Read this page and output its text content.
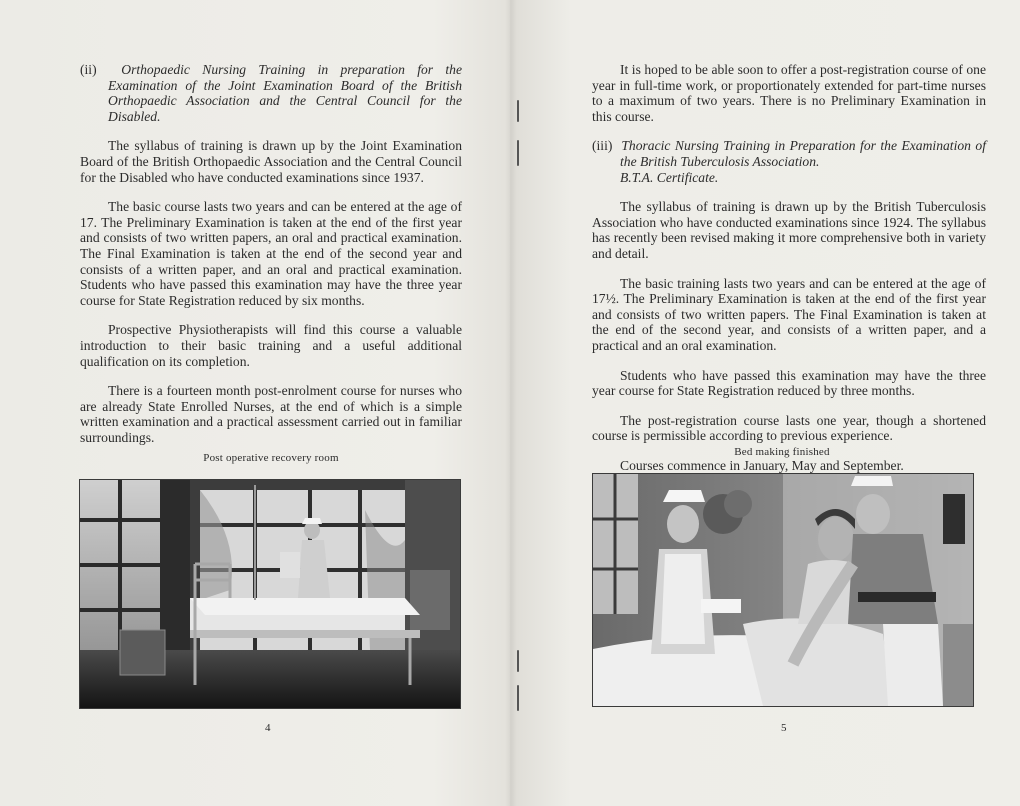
(ii) Orthopaedic Nursing Training in preparation for the Examination of the Joint Examination Board of the British Orthopaedic Association and the Central Council for the Disabled.

The syllabus of training is drawn up by the Joint Examination Board of the British Orthopaedic Association and the Central Council for the Disabled who have conducted examinations since 1937.

The basic course lasts two years and can be entered at the age of 17. The Preliminary Examination is taken at the end of the first year and consists of two written papers, an oral and practical examination. The Final Examination is taken at the end of the second year and consists of a written paper, and an oral and practical examination. Students who have passed this examination may have the three year course for State Registration reduced by six months.

Prospective Physiotherapists will find this course a valuable introduction to their basic training and a useful additional qualification on its completion.

There is a fourteen month post-enrolment course for nurses who are already State Enrolled Nurses, at the end of which is a simple written examination and a practical assessment carried out in familiar surroundings.

Post operative recovery room
4

It is hoped to be able soon to offer a post-registration course of one year in full-time work, or proportionately extended for part-time nurses to a maximum of two years. There is no Preliminary Examination in this course.

(iii) Thoracic Nursing Training in Preparation for the Examination of the British Tuberculosis Association.

B.T.A. Certificate.

The syllabus of training is drawn up by the British Tuberculosis Association who have conducted examinations since 1924. The syllabus has recently been revised making it more comprehensive both in variety and detail.

The basic training lasts two years and can be entered at the age of 17½. The Preliminary Examination is taken at the end of the first year and consists of two written papers. The Final Examination is taken at the end of the second year, and consists of a written paper, and a practical and an oral examination.

Students who have passed this examination may have the three year course for State Registration reduced by three months.

The post-registration course lasts one year, though a shortened course is permissible according to previous experience.

Courses commence in January, May and September.

Bed making finished
5
